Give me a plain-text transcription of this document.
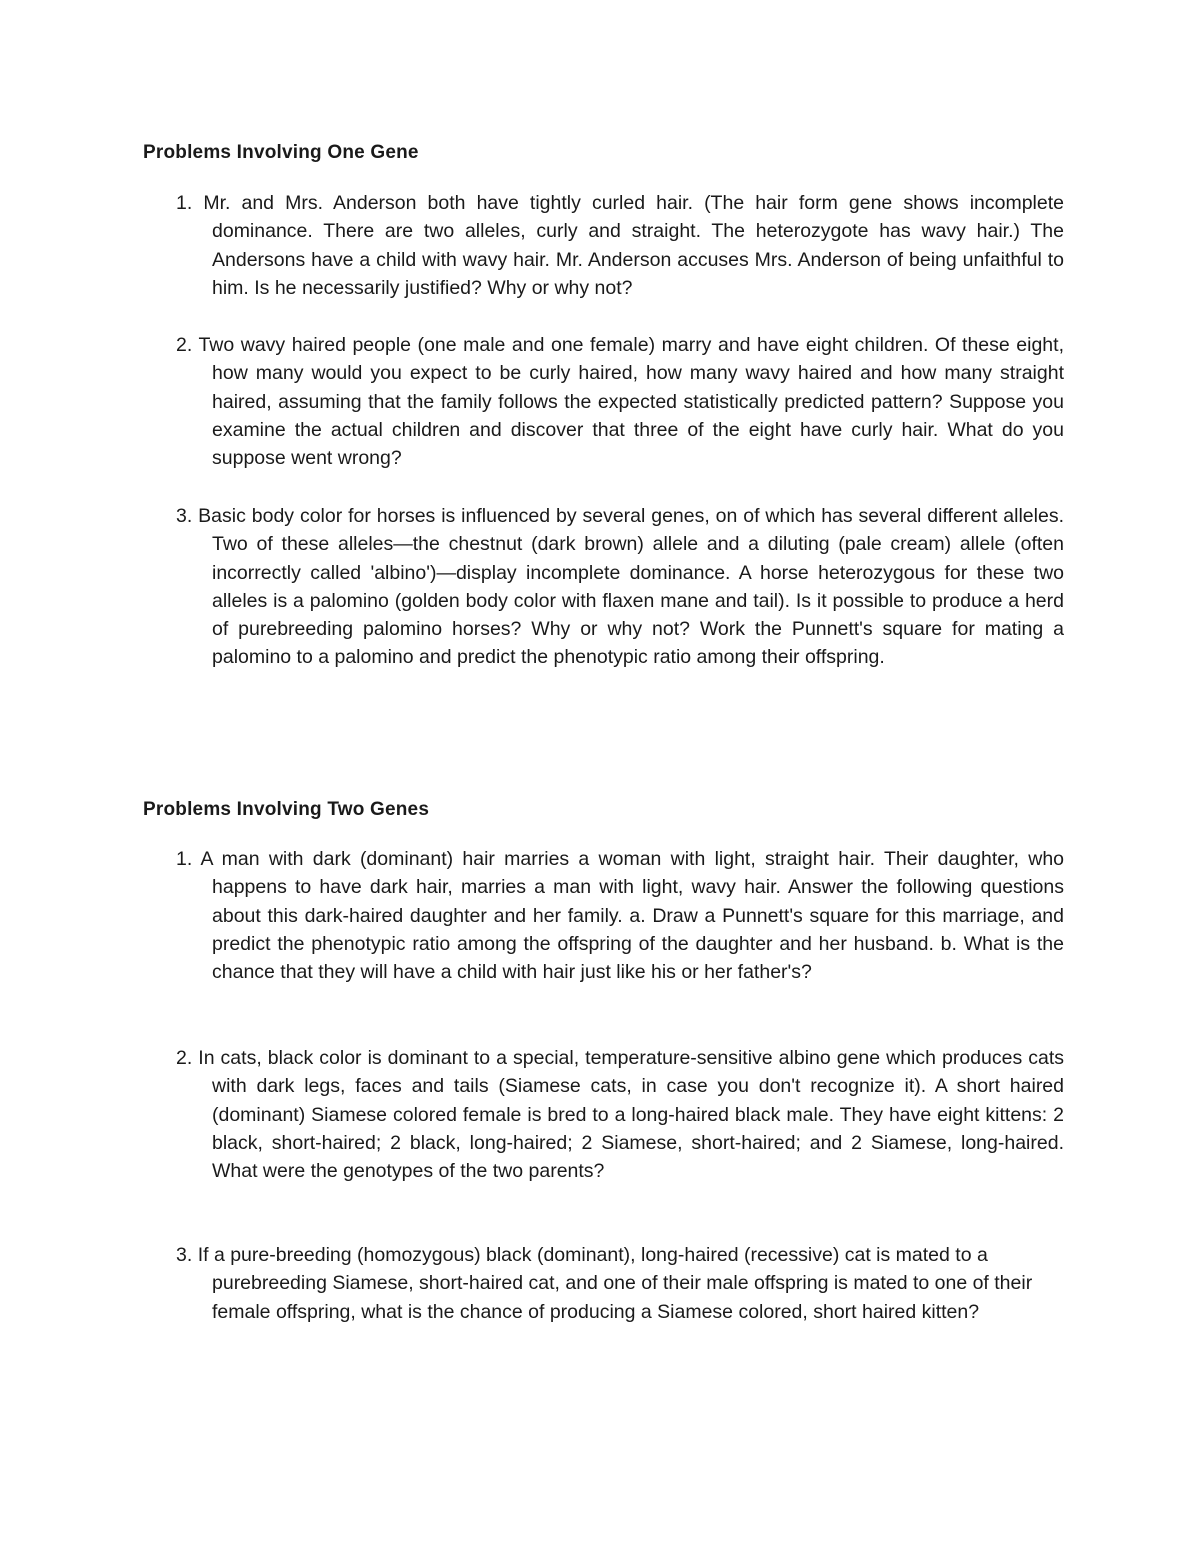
Problems Involving One Gene

1. Mr. and Mrs. Anderson both have tightly curled hair. (The hair form gene shows incomplete dominance. There are two alleles, curly and straight. The heterozygote has wavy hair.) The Andersons have a child with wavy hair. Mr. Anderson accuses Mrs. Anderson of being unfaithful to him. Is he necessarily justified? Why or why not?

2. Two wavy haired people (one male and one female) marry and have eight children. Of these eight, how many would you expect to be curly haired, how many wavy haired and how many straight haired, assuming that the family follows the expected statistically predicted pattern? Suppose you examine the actual children and discover that three of the eight have curly hair. What do you suppose went wrong?

3. Basic body color for horses is influenced by several genes, on of which has several different alleles. Two of these alleles—the chestnut (dark brown) allele and a diluting (pale cream) allele (often incorrectly called 'albino')—display incomplete dominance. A horse heterozygous for these two alleles is a palomino (golden body color with flaxen mane and tail). Is it possible to produce a herd of purebreeding palomino horses? Why or why not? Work the Punnett's square for mating a palomino to a palomino and predict the phenotypic ratio among their offspring.

Problems Involving Two Genes

1. A man with dark (dominant) hair marries a woman with light, straight hair. Their daughter, who happens to have dark hair, marries a man with light, wavy hair. Answer the following questions about this dark-haired daughter and her family. a. Draw a Punnett's square for this marriage, and predict the phenotypic ratio among the offspring of the daughter and her husband. b. What is the chance that they will have a child with hair just like his or her father's?

2. In cats, black color is dominant to a special, temperature-sensitive albino gene which produces cats with dark legs, faces and tails (Siamese cats, in case you don't recognize it). A short haired (dominant) Siamese colored female is bred to a long-haired black male. They have eight kittens: 2 black, short-haired; 2 black, long-haired; 2 Siamese, short-haired; and 2 Siamese, long-haired. What were the genotypes of the two parents?

3. If a pure-breeding (homozygous) black (dominant), long-haired (recessive) cat is mated to a purebreeding Siamese, short-haired cat, and one of their male offspring is mated to one of their female offspring, what is the chance of producing a Siamese colored, short haired kitten?
